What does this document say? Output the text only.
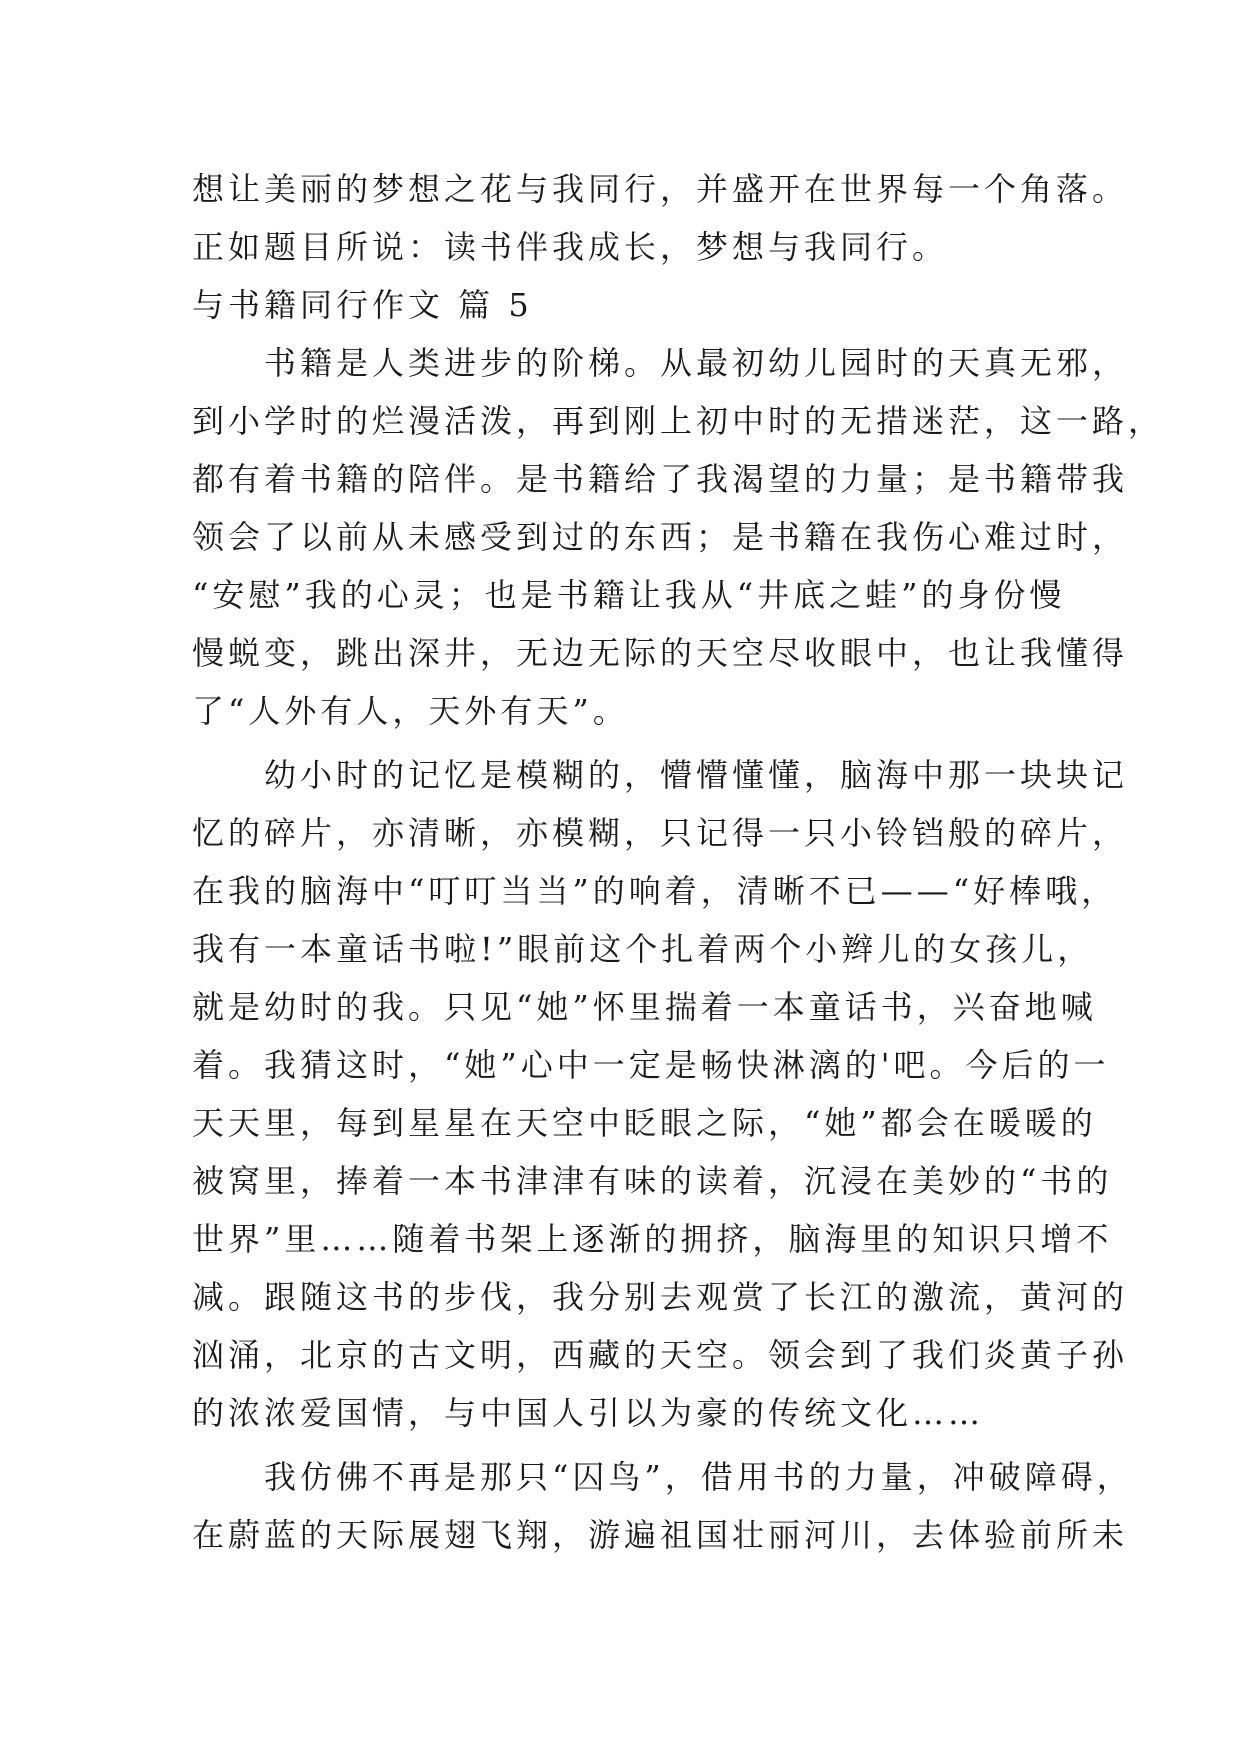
想让美丽的梦想之花与我同行，并盛开在世界每一个角落。
正如题目所说：读书伴我成长，梦想与我同行。
与书籍同行作文 篇 5
书籍是人类进步的阶梯。从最初幼儿园时的天真无邪，
到小学时的烂漫活泼，再到刚上初中时的无措迷茫，这一路，
都有着书籍的陪伴。是书籍给了我渴望的力量；是书籍带我
领会了以前从未感受到过的东西；是书籍在我伤心难过时，
“安慰”我的心灵；也是书籍让我从“井底之蛙”的身份慢
慢蜕变，跳出深井，无边无际的天空尽收眼中，也让我懂得
了“人外有人，天外有天”。
幼小时的记忆是模糊的，懵懵懂懂，脑海中那一块块记
忆的碎片，亦清晰，亦模糊，只记得一只小铃铛般的碎片，
在我的脑海中“叮叮当当”的响着，清晰不已——“好棒哦，
我有一本童话书啦!”眼前这个扎着两个小辫儿的女孩儿，
就是幼时的我。只见“她”怀里揣着一本童话书，兴奋地喊
着。我猜这时，“她”心中一定是畅快淋漓的'吧。今后的一
天天里，每到星星在天空中眨眼之际，“她”都会在暖暖的
被窝里，捧着一本书津津有味的读着，沉浸在美妙的“书的
世界”里……随着书架上逐渐的拥挤，脑海里的知识只增不
减。跟随这书的步伐，我分别去观赏了长江的激流，黄河的
汹涌，北京的古文明，西藏的天空。领会到了我们炎黄子孙
的浓浓爱国情，与中国人引以为豪的传统文化……
我仿佛不再是那只“囚鸟”，借用书的力量，冲破障碍，
在蔚蓝的天际展翅飞翔，游遍祖国壮丽河川，去体验前所未
